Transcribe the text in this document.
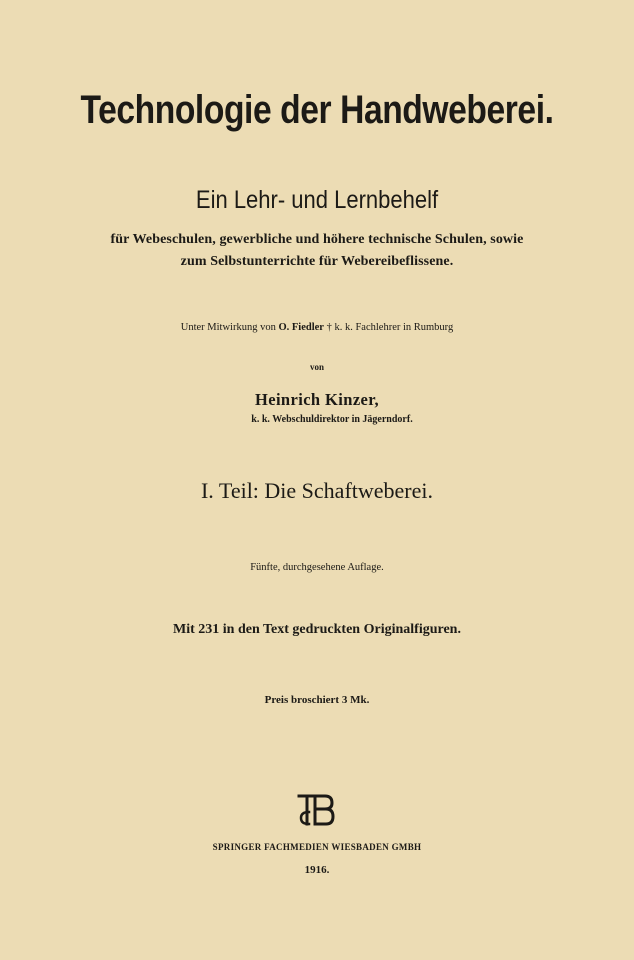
Technologie der Handweberei.
Ein Lehr- und Lernbehelf
für Webeschulen, gewerbliche und höhere technische Schulen, sowie
zum Selbstunterrichte für Webereibeflissene.
Unter Mitwirkung von O. Fiedler † k. k. Fachlehrer in Rumburg
von
Heinrich Kinzer,
k. k. Webschuldirektor in Jägerndorf.
I. Teil: Die Schaftweberei.
Fünfte, durchgesehene Auflage.
Mit 231 in den Text gedruckten Originalfiguren.
Preis broschiert 3 Mk.
SPRINGER FACHMEDIEN WIESBADEN GMBH
1916.
